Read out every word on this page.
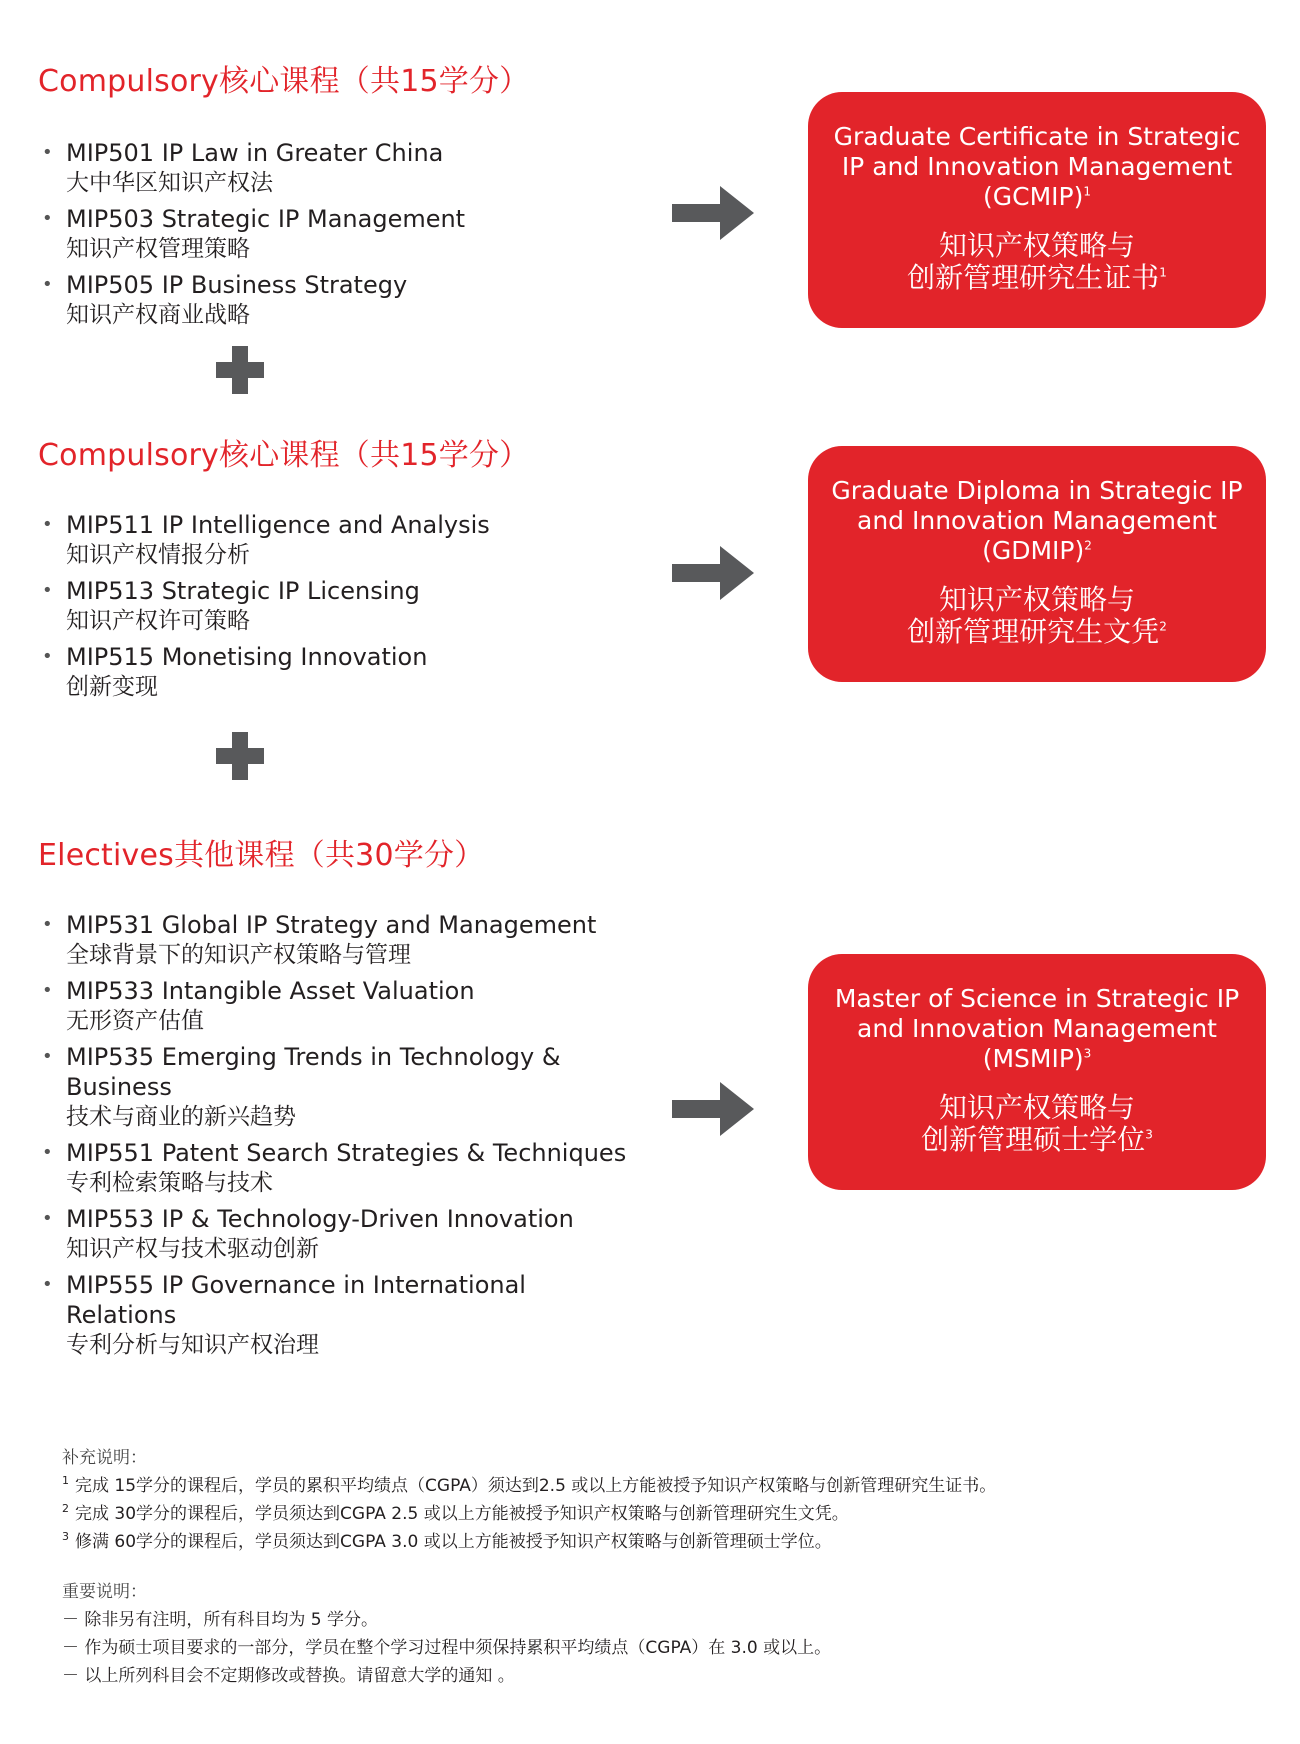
Compulsory核心课程（共15学分）
• MIP501 IP Law in Greater China
大中华区知识产权法
• MIP503 Strategic IP Management
知识产权管理策略
• MIP505 IP Business Strategy
知识产权商业战略
Graduate Certificate in Strategic IP and Innovation Management
(GCMIP)$^1$
知识产权策略与
创新管理研究生证书$^1$
Compulsory核心课程（共15学分）
• MIP511 IP Intelligence and Analysis
知识产权情报分析
• MIP513 Strategic IP Licensing
知识产权许可策略
• MIP515 Monetising Innovation
创新变现
Graduate Diploma in Strategic IP and Innovation Management
(GDMIP)$^2$
知识产权策略与
创新管理研究生文凭$^2$
Electives其他课程（共30学分）
• MIP531 Global IP Strategy and Management
全球背景下的知识产权策略与管理
• MIP533 Intangible Asset Valuation
无形资产估值
• MIP535 Emerging Trends in Technology & Business
技术与商业的新兴趋势
• MIP551 Patent Search Strategies & Techniques
专利检索策略与技术
• MIP553 IP & Technology-Driven Innovation
知识产权与技术驱动创新
• MIP555 IP Governance in International Relations
专利分析与知识产权治理
Master of Science in Strategic IP and Innovation Management
(MSMIP)$^3$
知识产权策略与
创新管理硕士学位$^3$
补充说明：
$^1$ 完成 15学分的课程后，学员的累积平均绩点（CGPA）须达到2.5 或以上方能被授予知识产权策略与创新管理研究生证书。
$^2$ 完成 30学分的课程后，学员须达到CGPA 2.5 或以上方能被授予知识产权策略与创新管理研究生文凭。
$^3$ 修满 60学分的课程后，学员须达到CGPA 3.0 或以上方能被授予知识产权策略与创新管理硕士学位。
重要说明：
－ 除非另有注明，所有科目均为 5 学分。
－ 作为硕士项目要求的一部分，学员在整个学习过程中须保持累积平均绩点（CGPA）在 3.0 或以上。
－ 以上所列科目会不定期修改或替换。请留意大学的通知 。
